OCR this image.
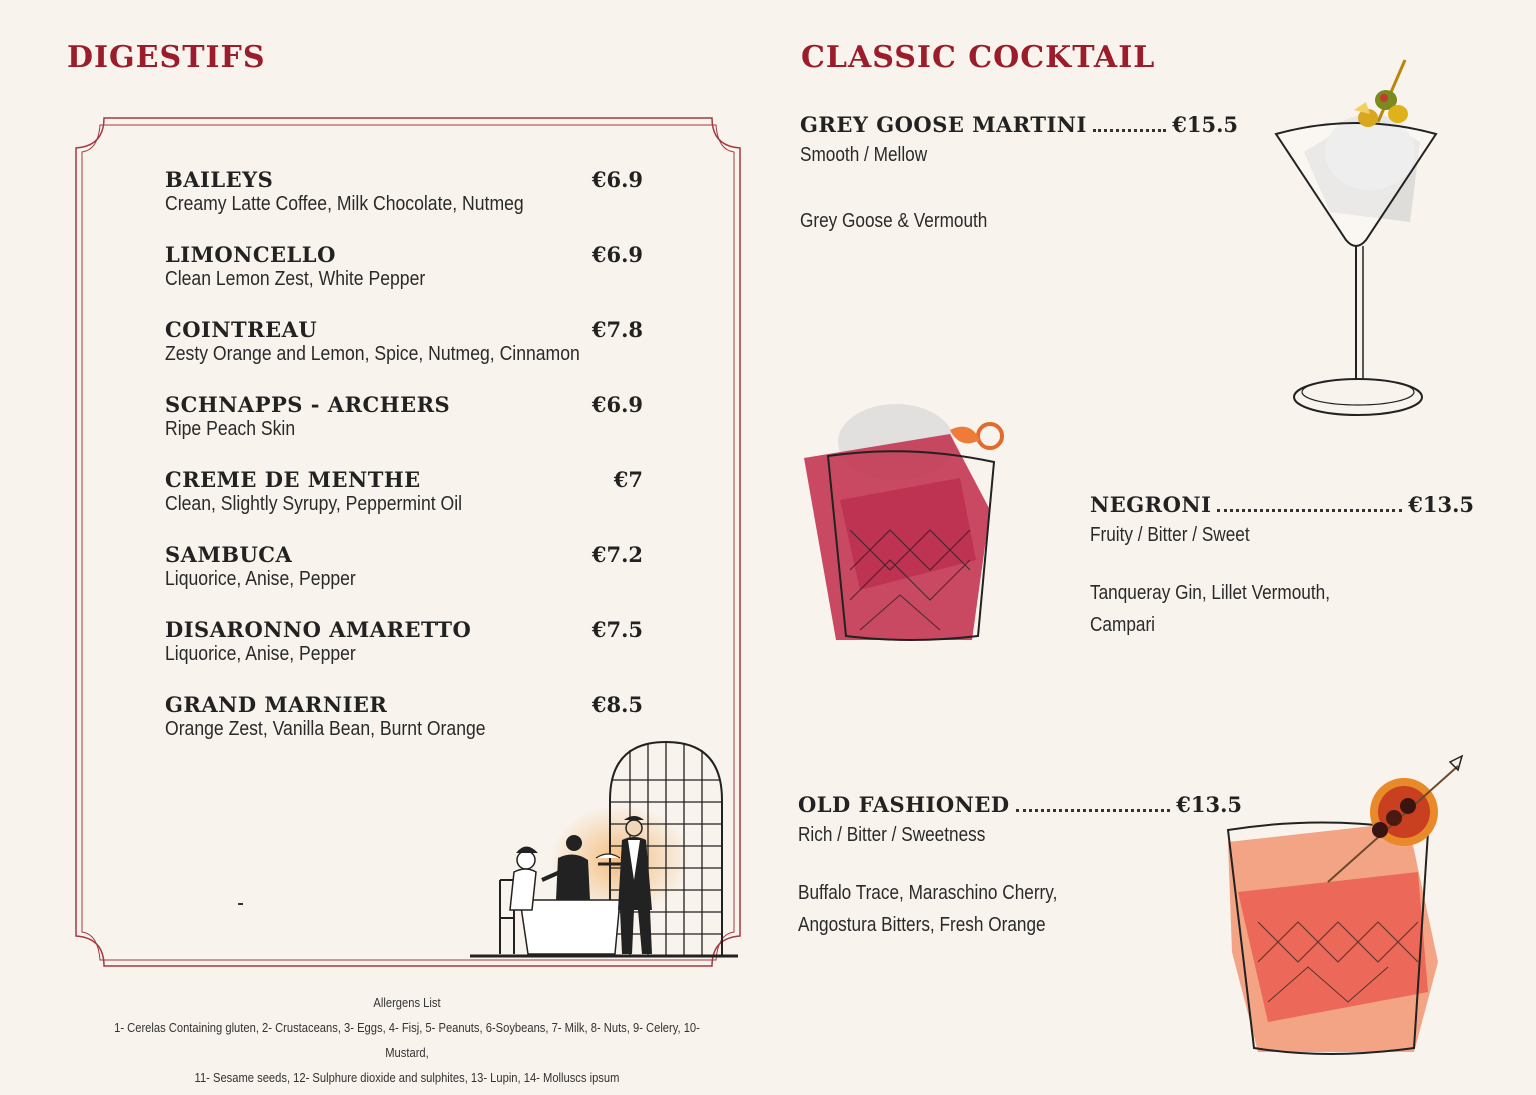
DIGESTIFS
BAILEYS
Creamy Latte Coffee, Milk Chocolate, Nutmeg
€6.9
LIMONCELLO
Clean Lemon Zest, White Pepper
€6.9
COINTREAU
Zesty Orange and Lemon, Spice, Nutmeg, Cinnamon
€7.8
SCHNAPPS - ARCHERS
Ripe Peach Skin
€6.9
CREME DE MENTHE
Clean, Slightly Syrupy, Peppermint Oil
€7
SAMBUCA
Liquorice, Anise, Pepper
€7.2
DISARONNO AMARETTO
Liquorice, Anise, Pepper
€7.5
GRAND MARNIER
Orange Zest, Vanilla Bean, Burnt Orange
€8.5
Allergens List
1- Cerelas Containing gluten, 2- Crustaceans, 3- Eggs, 4- Fisj, 5- Peanuts, 6-Soybeans, 7- Milk, 8- Nuts, 9- Celery, 10- Mustard,
11- Sesame seeds, 12- Sulphure dioxide and sulphites, 13- Lupin, 14- Molluscs ipsum
CLASSIC COCKTAIL
GREY GOOSE MARTINI	€15.5
Smooth / Mellow
Grey Goose & Vermouth
NEGRONI	€13.5
Fruity / Bitter / Sweet
Tanqueray Gin, Lillet Vermouth,
Campari
OLD FASHIONED	€13.5
Rich / Bitter / Sweetness
Buffalo Trace, Maraschino Cherry,
Angostura Bitters, Fresh Orange
